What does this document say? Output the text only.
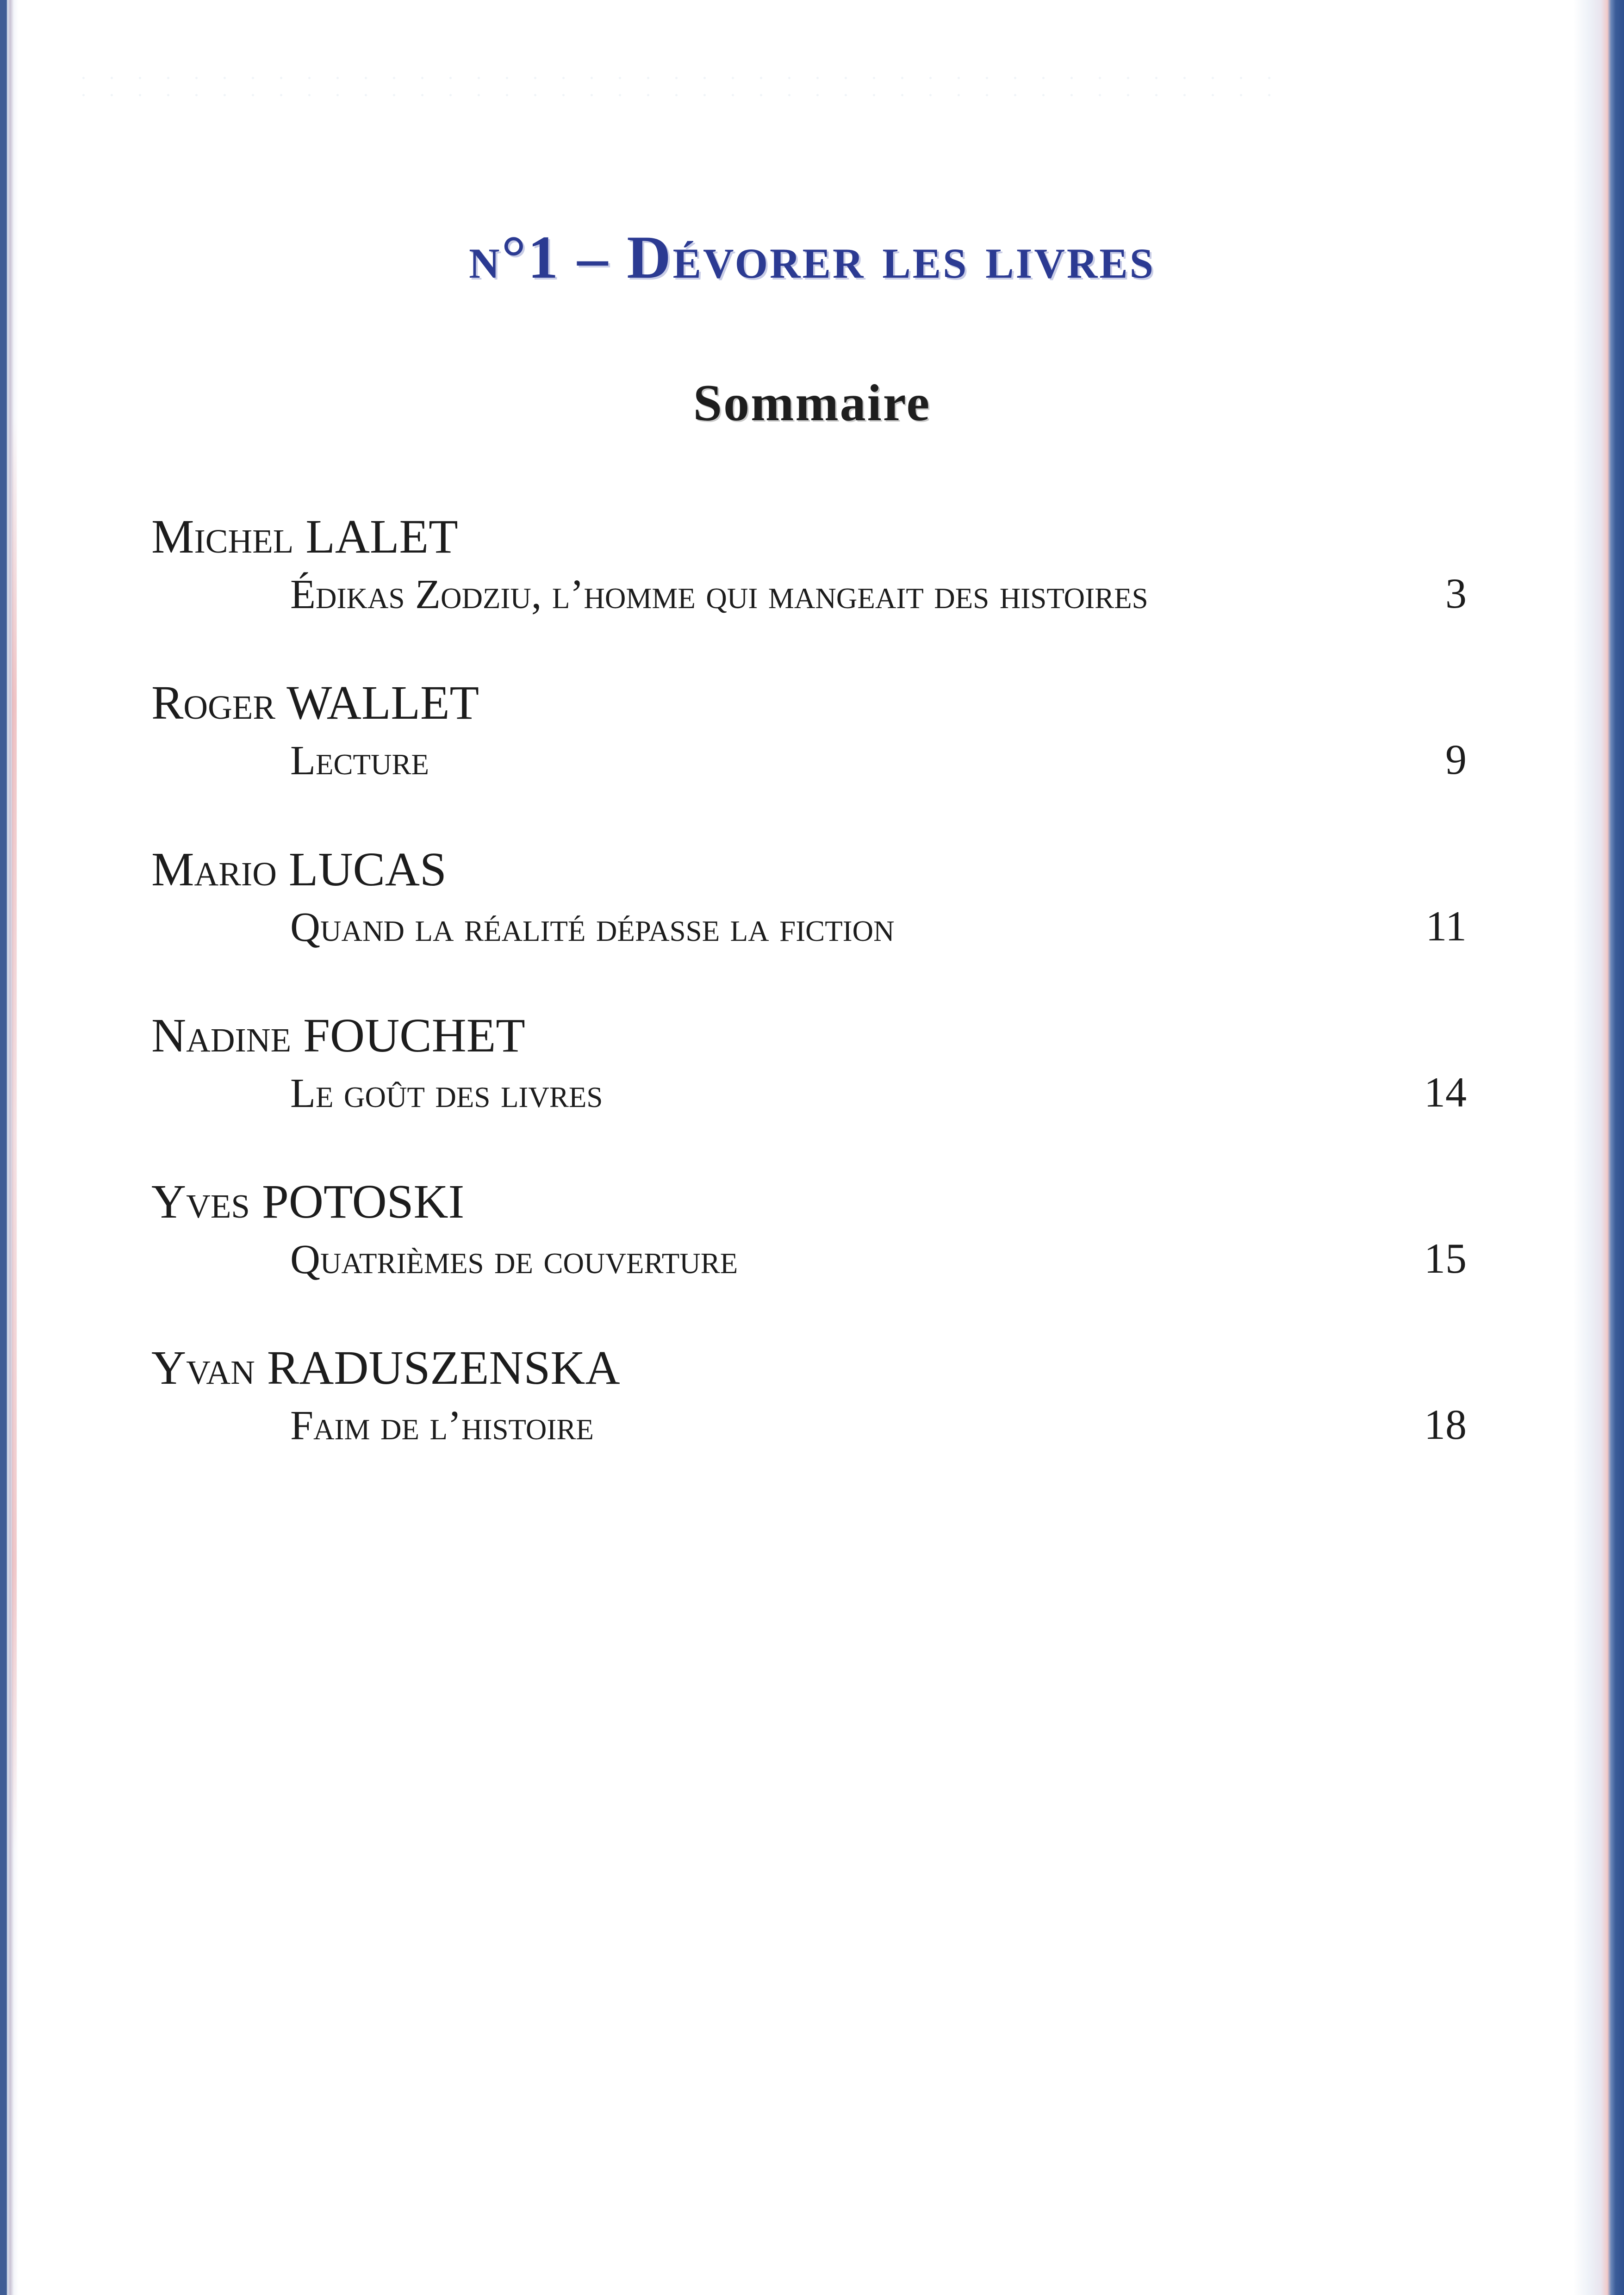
n°1 – Dévorer les livres
Sommaire
Michel LALET
Édikas Zodziu, l’homme qui mangeait des histoires	3
Roger WALLET
Lecture	9
Mario LUCAS
Quand la réalité dépasse la fiction	11
Nadine FOUCHET
Le goût des livres	14
Yves POTOSKI
Quatrièmes de couverture	15
Yvan RADUSZENSKA
Faim de l’histoire	18
